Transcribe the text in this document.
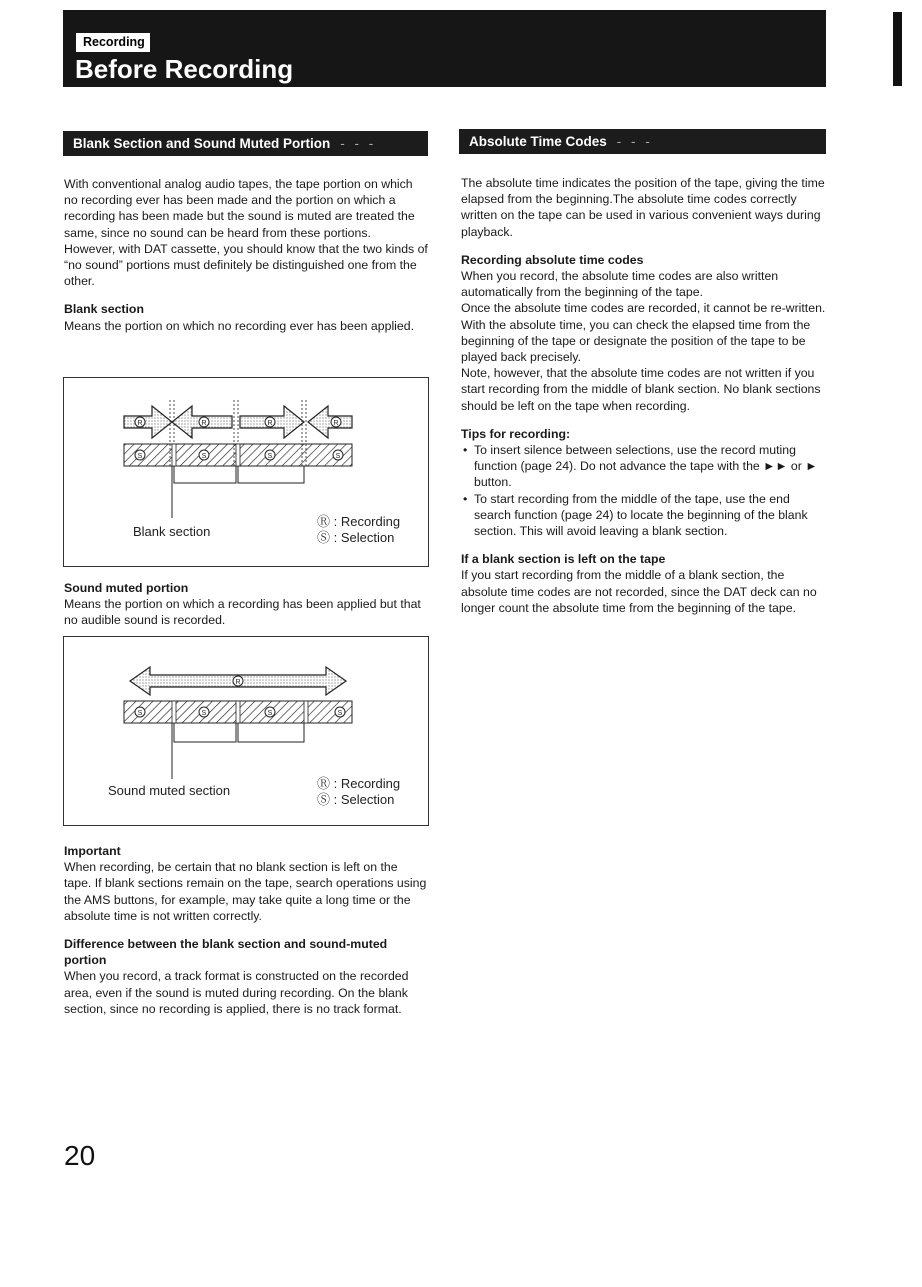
Recording
Before Recording
Blank Section and Sound Muted Portion - - -	Absolute Time Codes - - -

With conventional analog audio tapes, the tape portion on which no recording ever has been made and the portion on which a recording has been made but the sound is muted are treated the same, since no sound can be heard from these portions.

However, with DAT cassette, you should know that the two kinds of “no sound” portions must definitely be distinguished one from the other.

Blank section

Means the portion on which no recording ever has been applied.

R	R	R	R
S	S	S	S
Blank section
Ⓡ : Recording
Ⓢ : Selection
Sound muted portion

Means the portion on which a recording has been applied but that no audible sound is recorded.

R
S	S	S	S
Sound muted section	Ⓡ : Recording
Ⓢ : Selection
Important

When recording, be certain that no blank section is left on the tape. If blank sections remain on the tape, search operations using the AMS buttons, for example, may take quite a long time or the absolute time is not written correctly.

Difference between the blank section and sound-muted portion

When you record, a track format is constructed on the recorded area, even if the sound is muted during recording. On the blank section, since no recording is applied, there is no track format.

The absolute time indicates the position of the tape, giving the time elapsed from the beginning.The absolute time codes correctly written on the tape can be used in various convenient ways during playback.

Recording absolute time codes

When you record, the absolute time codes are also written automatically from the beginning of the tape.

Once the absolute time codes are recorded, it cannot be re-written. With the absolute time, you can check the elapsed time from the beginning of the tape or designate the position of the tape to be played back precisely.

Note, however, that the absolute time codes are not written if you start recording from the middle of blank section. No blank sections should be left on the tape when recording.

Tips for recording:
• To insert silence between selections, use the record muting function (page 24). Do not advance the tape with the ►► or ► button.
• To start recording from the middle of the tape, use the end search function (page 24) to locate the beginning of the blank section. This will avoid leaving a blank section.
If a blank section is left on the tape

If you start recording from the middle of a blank section, the absolute time codes are not recorded, since the DAT deck can no longer count the absolute time from the beginning of the tape.

20
